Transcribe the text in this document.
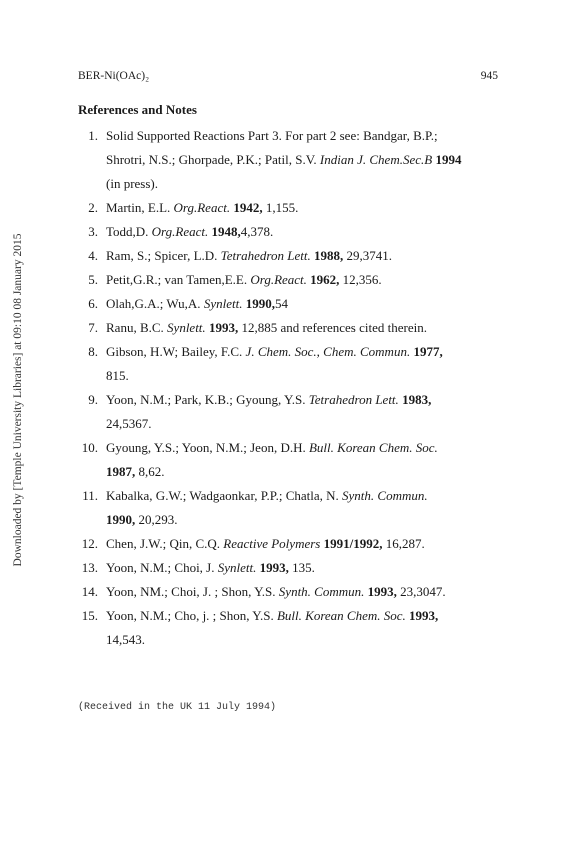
BER-Ni(OAc)₂	945
Downloaded by [Temple University Libraries] at 09:10 08 January 2015
References and Notes
1. Solid Supported Reactions Part 3. For part 2 see: Bandgar, B.P.;
Shrotri, N.S.; Ghorpade, P.K.; Patil, S.V. Indian J. Chem.Sec.B 1994
(in press).
2. Martin, E.L. Org.React. 1942, 1,155.
3. Todd,D. Org.React. 1948,4,378.
4. Ram, S.; Spicer, L.D. Tetrahedron Lett. 1988, 29,3741.
5. Petit,G.R.; van Tamen,E.E. Org.React. 1962, 12,356.
6. Olah,G.A.; Wu,A. Synlett. 1990,54
7. Ranu, B.C. Synlett. 1993, 12,885 and references cited therein.
8. Gibson, H.W; Bailey, F.C. J. Chem. Soc., Chem. Commun. 1977,
815.
9. Yoon, N.M.; Park, K.B.; Gyoung, Y.S. Tetrahedron Lett. 1983,
24,5367.
10. Gyoung, Y.S.; Yoon, N.M.; Jeon, D.H. Bull. Korean Chem. Soc.
1987, 8,62.
11. Kabalka, G.W.; Wadgaonkar, P.P.; Chatla, N. Synth. Commun.
1990, 20,293.
12. Chen, J.W.; Qin, C.Q. Reactive Polymers 1991/1992, 16,287.
13. Yoon, N.M.; Choi, J. Synlett. 1993, 135.
14. Yoon, NM.; Choi, J. ; Shon, Y.S. Synth. Commun. 1993, 23,3047.
15. Yoon, N.M.; Cho, j. ; Shon, Y.S. Bull. Korean Chem. Soc. 1993,
14,543.
(Received in the UK 11 July 1994)
